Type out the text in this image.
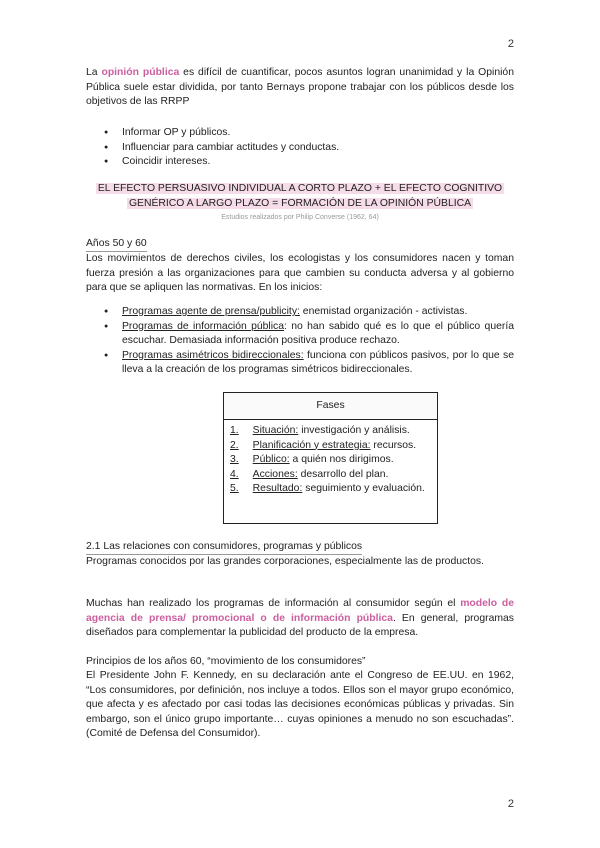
2

La opinión pública es difícil de cuantificar, pocos asuntos logran unanimidad y la Opinión Pública suele estar dividida, por tanto Bernays propone trabajar con los públicos desde los objetivos de las RRPP

● Informar OP y públicos.
● Influenciar para cambiar actitudes y conductas.
● Coincidir intereses.
EL EFECTO PERSUASIVO INDIVIDUAL A CORTO PLAZO + EL EFECTO COGNITIVO
GENÉRICO A LARGO PLAZO = FORMACIÓN DE LA OPINIÓN PÚBLICA
Estudios realizados por Philip Converse (1962, 64)
Años 50 y 60

Los movimientos de derechos civiles, los ecologistas y los consumidores nacen y toman fuerza presión a las organizaciones para que cambien su conducta adversa y al gobierno para que se apliquen las normativas. En los inicios:

● Programas agente de prensa/publicity: enemistad organización - activistas.
● Programas de información pública: no han sabido qué es lo que el público quería escuchar. Demasiada información positiva produce rechazo.
● Programas asimétricos bidireccionales: funciona con públicos pasivos, por lo que se lleva a la creación de los programas simétricos bidireccionales.
Fases
1. Situación: investigación y análisis.
2. Planificación y estrategia: recursos.
3. Público: a quién nos dirigimos.
4. Acciones: desarrollo del plan.
5. Resultado: seguimiento y evaluación.
2.1 Las relaciones con consumidores, programas y públicos

Programas conocidos por las grandes corporaciones, especialmente las de productos.

Muchas han realizado los programas de información al consumidor según el modelo de agencia de prensa/ promocional o de información pública. En general, programas diseñados para complementar la publicidad del producto de la empresa.

Principios de los años 60, “movimiento de los consumidores”

El Presidente John F. Kennedy, en su declaración ante el Congreso de EE.UU. en 1962, “Los consumidores, por definición, nos incluye a todos. Ellos son el mayor grupo económico, que afecta y es afectado por casi todas las decisiones económicas públicas y privadas. Sin embargo, son el único grupo importante… cuyas opiniones a menudo no son escuchadas”. (Comité de Defensa del Consumidor).

2
